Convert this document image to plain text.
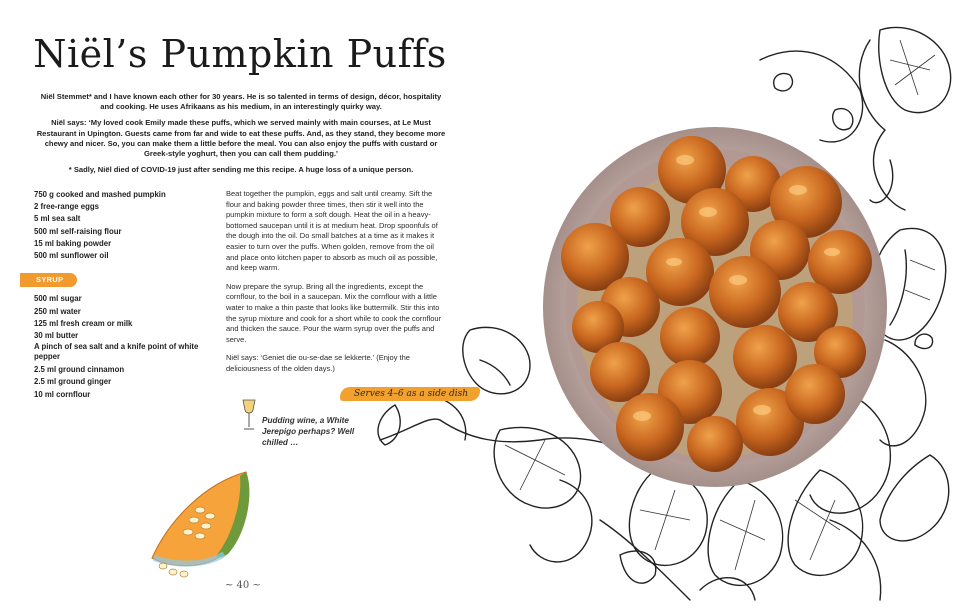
Niël’s Pumpkin Puffs

Niël Stemmet* and I have known each other for 30 years. He is so talented in terms of design, décor, hospitality and cooking. He uses Afrikaans as his medium, in an interestingly quirky way.

Niël says: ‘My loved cook Emily made these puffs, which we served mainly with main courses, at Le Must Restaurant in Upington. Guests came from far and wide to eat these puffs. And, as they stand, they become more chewy and nicer. So, you can make them a little before the meal. You can also enjoy the puffs with custard or Greek-style yoghurt, then you can call them pudding.’

* Sadly, Niël died of COVID-19 just after sending me this recipe. A huge loss of a unique person.

750 g cooked and mashed pumpkin
2 free-range eggs
5 ml sea salt
500 ml self-raising flour
15 ml baking powder
500 ml sunflower oil
SYRUP
500 ml sugar
250 ml water
125 ml fresh cream or milk
30 ml butter
A pinch of sea salt and a knife point of white pepper
2.5 ml ground cinnamon
2.5 ml ground ginger
10 ml cornflour

Beat together the pumpkin, eggs and salt until creamy. Sift the flour and baking powder three times, then stir it well into the pumpkin mixture to form a soft dough. Heat the oil in a heavy-bottomed saucepan until it is at medium heat. Drop spoonfuls of the dough into the oil. Do small batches at a time as it makes it easier to turn over the puffs. When golden, remove from the oil and place onto kitchen paper to absorb as much oil as possible, and keep warm.

Now prepare the syrup. Bring all the ingredients, except the cornflour, to the boil in a saucepan. Mix the cornflour with a little water to make a thin paste that looks like buttermilk. Stir this into the syrup mixture and cook for a short while to cook the cornflour and thicken the sauce. Pour the warm syrup over the puffs and serve.

Niël says: ‘Geniet die ou-se-dae se lekkerte.’ (Enjoy the deliciousness of the olden days.)

Serves 4–6 as a side dish
Pudding wine, a White Jerepigo perhaps? Well chilled …
~ 40 ~
